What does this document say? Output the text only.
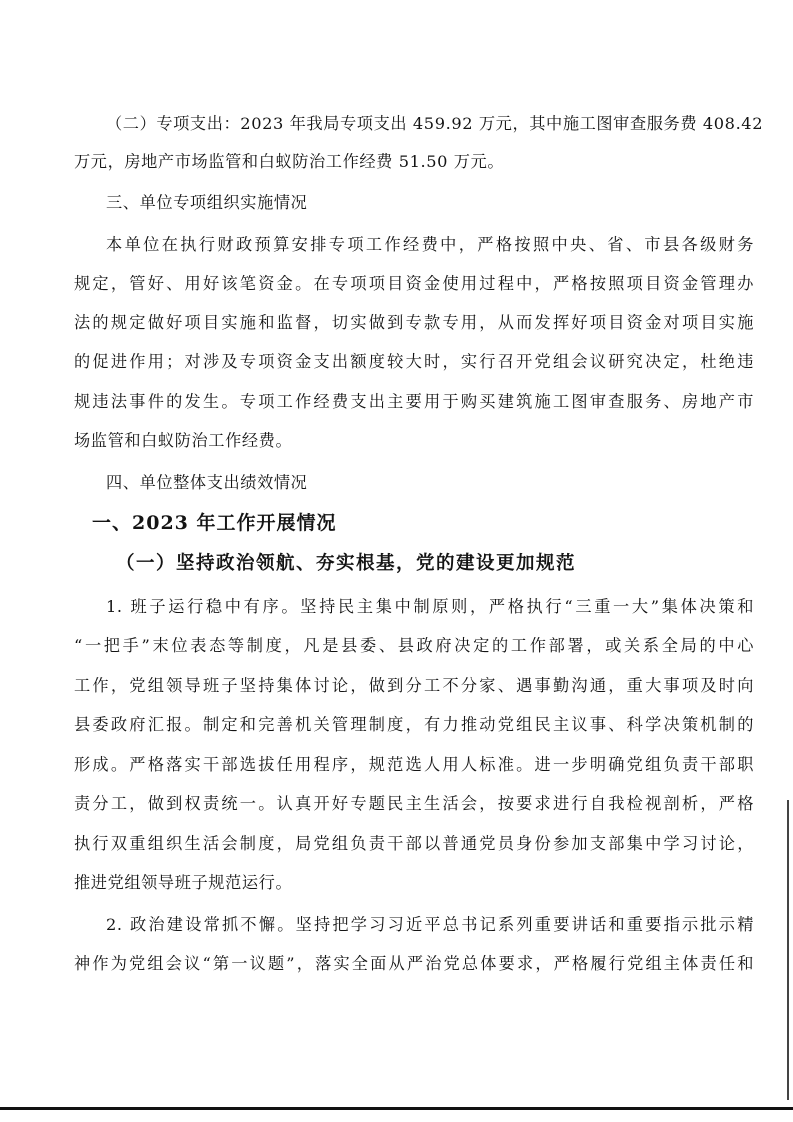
（二）专项支出：2023 年我局专项支出 459.92 万元，其中施工图审查服务费 408.42
万元，房地产市场监管和白蚁防治工作经费 51.50 万元。
三、单位专项组织实施情况
本单位在执行财政预算安排专项工作经费中，严格按照中央、省、市县各级财务
规定，管好、用好该笔资金。在专项项目资金使用过程中，严格按照项目资金管理办
法的规定做好项目实施和监督，切实做到专款专用，从而发挥好项目资金对项目实施
的促进作用；对涉及专项资金支出额度较大时，实行召开党组会议研究决定，杜绝违
规违法事件的发生。专项工作经费支出主要用于购买建筑施工图审查服务、房地产市
场监管和白蚁防治工作经费。
四、单位整体支出绩效情况
一、2023 年工作开展情况
（一）坚持政治领航、夯实根基，党的建设更加规范
1. 班子运行稳中有序。坚持民主集中制原则，严格执行“三重一大”集体决策和
“一把手”末位表态等制度，凡是县委、县政府决定的工作部署，或关系全局的中心
工作，党组领导班子坚持集体讨论，做到分工不分家、遇事勤沟通，重大事项及时向
县委政府汇报。制定和完善机关管理制度，有力推动党组民主议事、科学决策机制的
形成。严格落实干部选拔任用程序，规范选人用人标准。进一步明确党组负责干部职
责分工，做到权责统一。认真开好专题民主生活会，按要求进行自我检视剖析，严格
执行双重组织生活会制度，局党组负责干部以普通党员身份参加支部集中学习讨论，
推进党组领导班子规范运行。
2. 政治建设常抓不懈。坚持把学习习近平总书记系列重要讲话和重要指示批示精
神作为党组会议“第一议题”，落实全面从严治党总体要求，严格履行党组主体责任和
